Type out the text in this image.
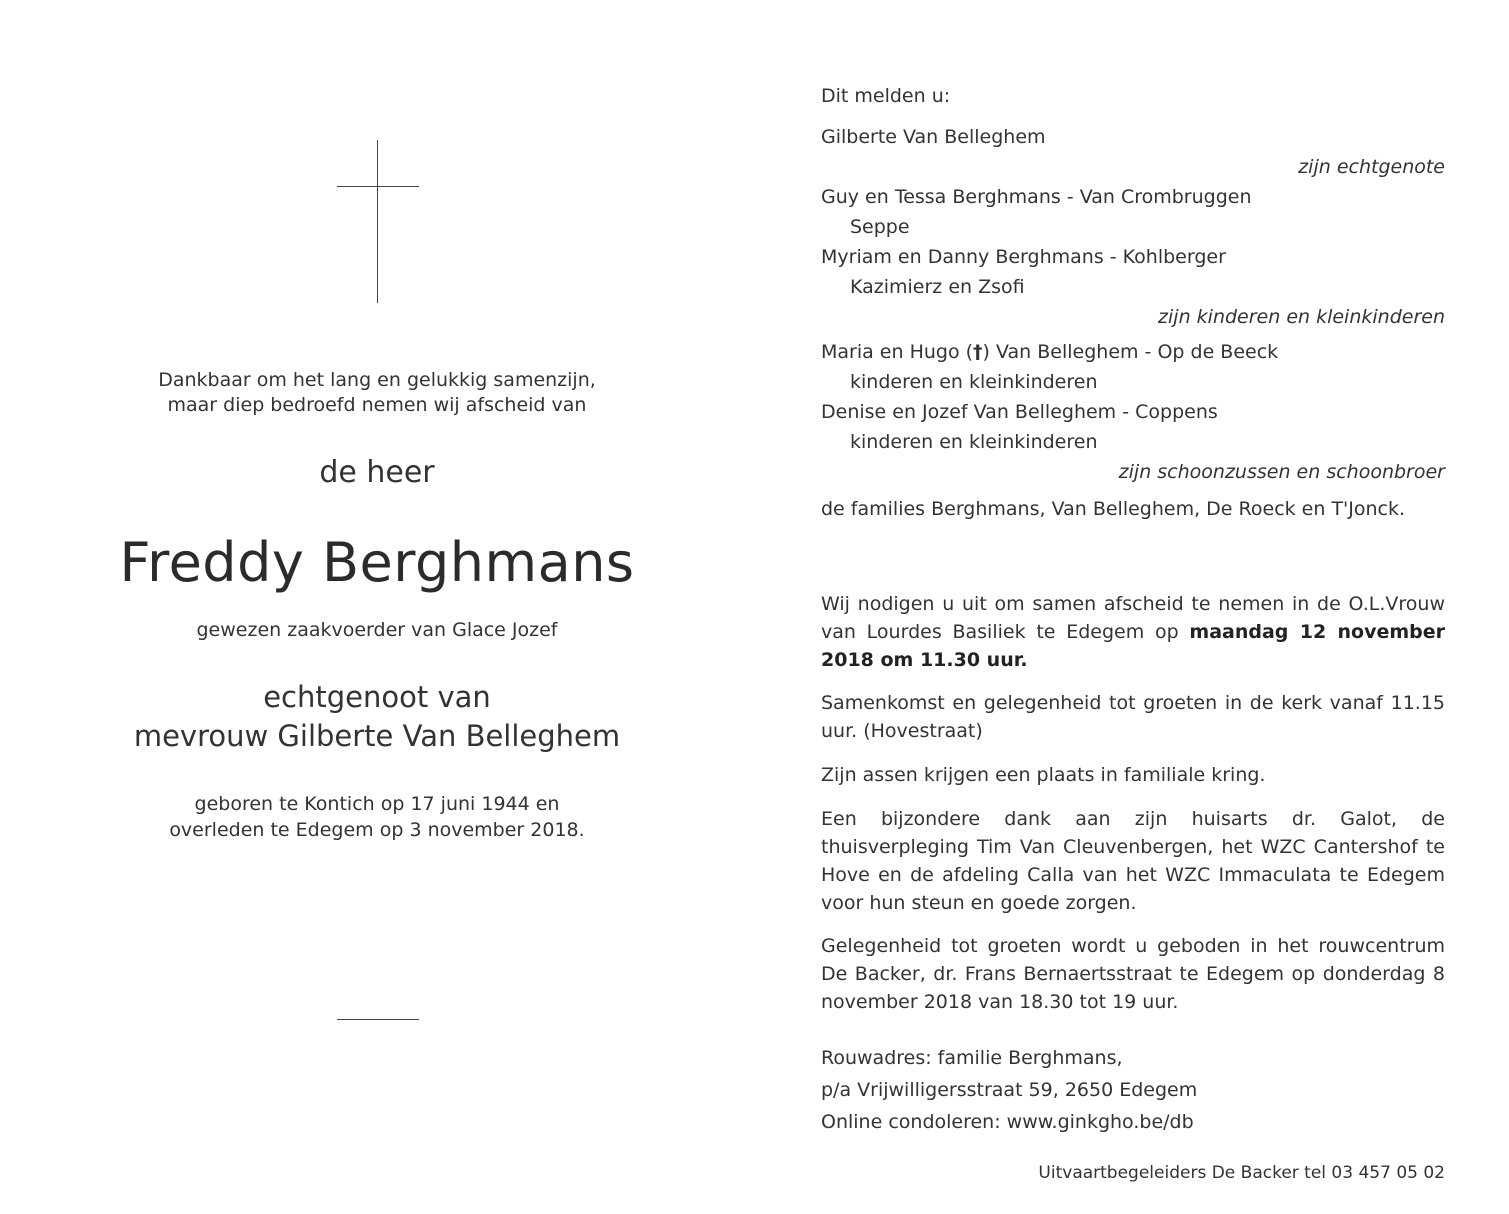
Dankbaar om het lang en gelukkig samenzijn,
maar diep bedroefd nemen wij afscheid van
de heer
Freddy Berghmans
gewezen zaakvoerder van Glace Jozef
echtgenoot van
mevrouw Gilberte Van Belleghem
geboren te Kontich op 17 juni 1944 en
overleden te Edegem op 3 november 2018.
Dit melden u:
Gilberte Van Belleghem
zijn echtgenote
Guy en Tessa Berghmans - Van Crombruggen
Seppe
Myriam en Danny Berghmans - Kohlberger
Kazimierz en Zsofi
zijn kinderen en kleinkinderen
Maria en Hugo (†) Van Belleghem - Op de Beeck
kinderen en kleinkinderen
Denise en Jozef Van Belleghem - Coppens
kinderen en kleinkinderen
zijn schoonzussen en schoonbroer
de families Berghmans, Van Belleghem, De Roeck en T'Jonck.
Wij nodigen u uit om samen afscheid te nemen in de O.L.Vrouw van Lourdes Basiliek te Edegem op maandag 12 november 2018 om 11.30 uur.
Samenkomst en gelegenheid tot groeten in de kerk vanaf 11.15 uur. (Hovestraat)
Zijn assen krijgen een plaats in familiale kring.
Een bijzondere dank aan zijn huisarts dr. Galot, de thuisverpleging Tim Van Cleuvenbergen, het WZC Cantershof te Hove en de afdeling Calla van het WZC Immaculata te Edegem voor hun steun en goede zorgen.
Gelegenheid tot groeten wordt u geboden in het rouwcentrum De Backer, dr. Frans Bernaertsstraat te Edegem op donderdag 8 november 2018 van 18.30 tot 19 uur.
Rouwadres: familie Berghmans,
p/a Vrijwilligersstraat 59, 2650 Edegem
Online condoleren: www.ginkgho.be/db
Uitvaartbegeleiders De Backer tel 03 457 05 02
